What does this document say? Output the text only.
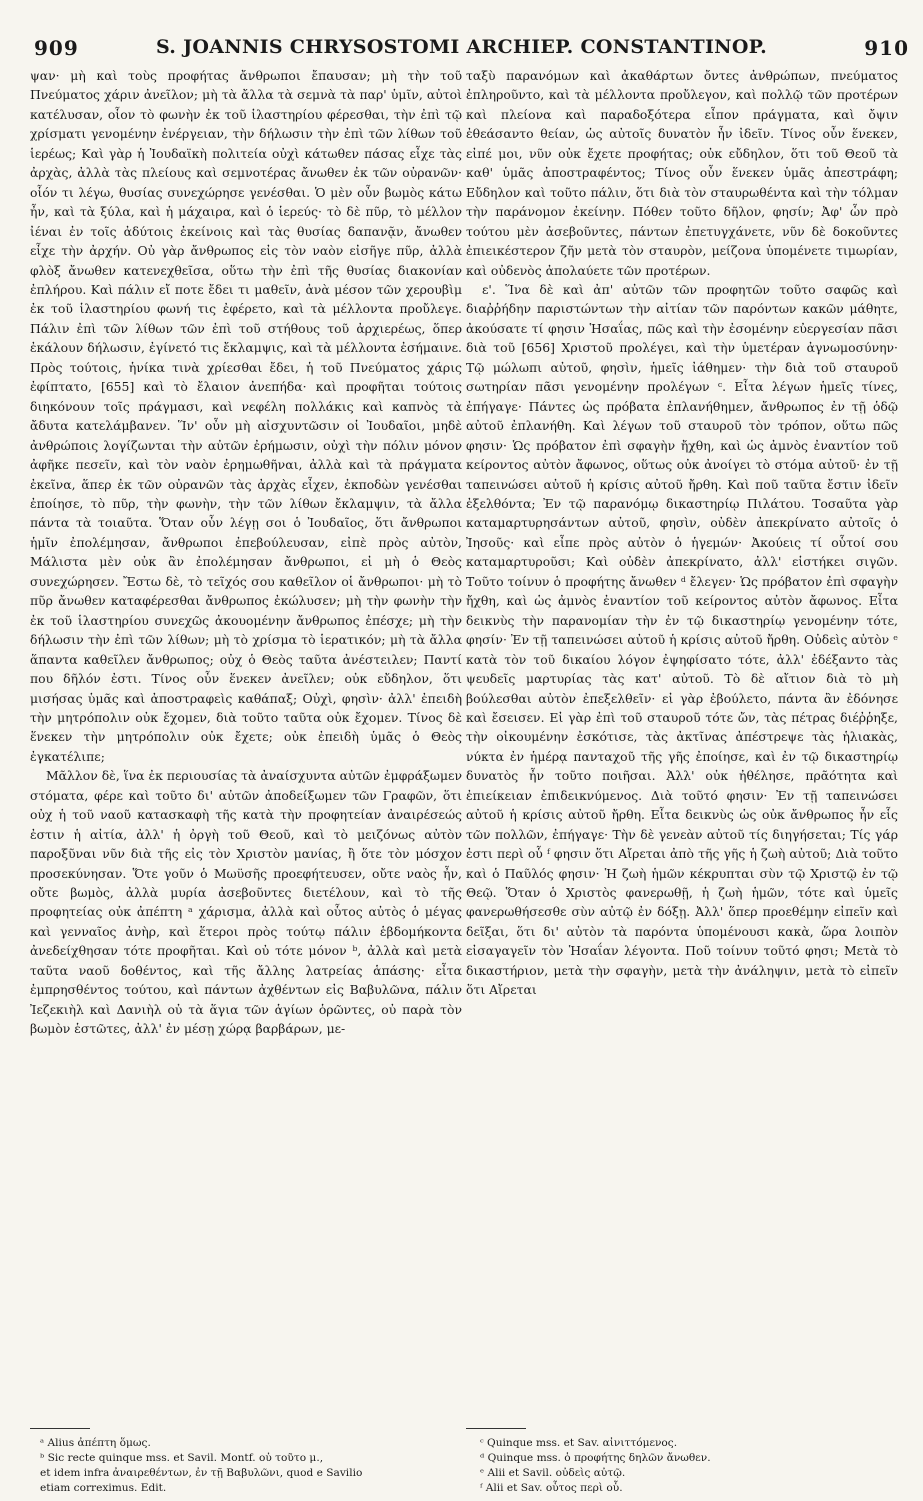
909	S. JOANNIS CHRYSOSTOMI ARCHIEP. CONSTANTINOP.	910

ψαν· μὴ καὶ τοὺς προφήτας ἄνθρωποι ἔπαυσαν; μὴ τὴν τοῦ Πνεύματος χάριν ἀνεῖλον; μὴ τὰ ἄλλα τὰ σεμνὰ τὰ παρ' ὑμῖν, αὐτοὶ κατέλυσαν, οἷον τὸ φωνὴν ἐκ τοῦ ἱλαστηρίου φέρεσθαι, τὴν ἐπὶ τῷ χρίσματι γενομένην ἐνέργειαν, τὴν δήλωσιν τὴν ἐπὶ τῶν λίθων τοῦ ἱερέως; Καὶ γὰρ ἡ Ἰουδαϊκὴ πολιτεία οὐχὶ κάτωθεν πάσας εἶχε τὰς ἀρχὰς, ἀλλὰ τὰς πλείους καὶ σεμνοτέρας ἄνωθεν ἐκ τῶν οὐρανῶν· οἷόν τι λέγω, θυσίας συνεχώρησε γενέσθαι. Ὁ μὲν οὖν βωμὸς κάτω ἦν, καὶ τὰ ξύλα, καὶ ἡ μάχαιρα, καὶ ὁ ἱερεύς· τὸ δὲ πῦρ, τὸ μέλλον ἰέναι ἐν τοῖς ἀδύτοις ἐκείνοις καὶ τὰς θυσίας δαπανᾷν, ἄνωθεν εἶχε τὴν ἀρχήν. Οὐ γὰρ ἄνθρωπος εἰς τὸν ναὸν εἰσῆγε πῦρ, ἀλλὰ φλὸξ ἄνωθεν κατενεχθεῖσα, οὕτω τὴν ἐπὶ τῆς θυσίας διακονίαν ἐπλήρου. Καὶ πάλιν εἴ ποτε ἔδει τι μαθεῖν, ἀνὰ μέσον τῶν χερουβὶμ ἐκ τοῦ ἱλαστηρίου φωνή τις ἐφέρετο, καὶ τὰ μέλλοντα προὔλεγε. Πάλιν ἐπὶ τῶν λίθων τῶν ἐπὶ τοῦ στήθους τοῦ ἀρχιερέως, ὅπερ ἐκάλουν δήλωσιν, ἐγίνετό τις ἔκλαμψις, καὶ τὰ μέλλοντα ἐσήμαινε. Πρὸς τούτοις, ἡνίκα τινὰ χρίεσθαι ἔδει, ἡ τοῦ Πνεύματος χάρις ἐφίπτατο, [655] καὶ τὸ ἔλαιον ἀνεπήδα· καὶ προφῆται τούτοις διηκόνουν τοῖς πράγμασι, καὶ νεφέλη πολλάκις καὶ καπνὸς τὰ ἄδυτα κατελάμβανεν. Ἵν' οὖν μὴ αἰσχυντῶσιν οἱ Ἰουδαῖοι, μηδὲ ἀνθρώποις λογίζωνται τὴν αὐτῶν ἐρήμωσιν, οὐχὶ τὴν πόλιν μόνον ἀφῆκε πεσεῖν, καὶ τὸν ναὸν ἐρημωθῆναι, ἀλλὰ καὶ τὰ πράγματα ἐκεῖνα, ἅπερ ἐκ τῶν οὐρανῶν τὰς ἀρχὰς εἶχεν, ἐκποδὼν γενέσθαι ἐποίησε, τὸ πῦρ, τὴν φωνὴν, τὴν τῶν λίθων ἔκλαμψιν, τὰ ἄλλα πάντα τὰ τοιαῦτα. Ὅταν οὖν λέγῃ σοι ὁ Ἰουδαῖος, ὅτι ἄνθρωποι ἡμῖν ἐπολέμησαν, ἄνθρωποι ἐπεβούλευσαν, εἰπὲ πρὸς αὐτὸν, Μάλιστα μὲν οὐκ ἂν ἐπολέμησαν ἄνθρωποι, εἰ μὴ ὁ Θεὸς συνεχώρησεν. Ἔστω δὲ, τὸ τεῖχός σου καθεῖλον οἱ ἄνθρωποι· μὴ τὸ πῦρ ἄνωθεν καταφέρεσθαι ἄνθρωπος ἐκώλυσεν; μὴ τὴν φωνὴν τὴν ἐκ τοῦ ἱλαστηρίου συνεχῶς ἀκουομένην ἄνθρωπος ἐπέσχε; μὴ τὴν δήλωσιν τὴν ἐπὶ τῶν λίθων; μὴ τὸ χρίσμα τὸ ἱερατικόν; μὴ τὰ ἄλλα ἅπαντα καθεῖλεν ἄνθρωπος; οὐχ ὁ Θεὸς ταῦτα ἀνέστειλεν; Παντί που δῆλόν ἐστι. Τίνος οὖν ἕνεκεν ἀνεῖλεν; οὐκ εὔδηλον, ὅτι μισήσας ὑμᾶς καὶ ἀποστραφεὶς καθάπαξ; Οὐχὶ, φησὶν· ἀλλ' ἐπειδὴ τὴν μητρόπολιν οὐκ ἔχομεν, διὰ τοῦτο ταῦτα οὐκ ἔχομεν. Τίνος δὲ ἕνεκεν τὴν μητρόπολιν οὐκ ἔχετε; οὐκ ἐπειδὴ ὑμᾶς ὁ Θεὸς ἐγκατέλιπε;

Μᾶλλον δὲ, ἵνα ἐκ περιουσίας τὰ ἀναίσχυντα αὐτῶν ἐμφράξωμεν στόματα, φέρε καὶ τοῦτο δι' αὐτῶν ἀποδείξωμεν τῶν Γραφῶν, ὅτι οὐχ ἡ τοῦ ναοῦ κατασκαφὴ τῆς κατὰ τὴν προφητείαν ἀναιρέσεώς ἐστιν ἡ αἰτία, ἀλλ' ἡ ὀργὴ τοῦ Θεοῦ, καὶ τὸ μειζόνως αὐτὸν παροξῦναι νῦν διὰ τῆς εἰς τὸν Χριστὸν μανίας, ἢ ὅτε τὸν μόσχον προσεκύνησαν. Ὅτε γοῦν ὁ Μωϋσῆς προεφήτευσεν, οὔτε ναὸς ἦν, οὔτε βωμὸς, ἀλλὰ μυρία ἀσεβοῦντες διετέλουν, καὶ τὸ τῆς προφητείας οὐκ ἀπέπτη ᵃ χάρισμα, ἀλλὰ καὶ οὗτος αὐτὸς ὁ μέγας καὶ γενναῖος ἀνὴρ, καὶ ἕτεροι πρὸς τούτῳ πάλιν ἑβδομήκοντα ἀνεδείχθησαν τότε προφῆται. Καὶ οὐ τότε μόνον ᵇ, ἀλλὰ καὶ μετὰ ταῦτα ναοῦ δοθέντος, καὶ τῆς ἄλλης λατρείας ἁπάσης· εἶτα ἐμπρησθέντος τούτου, καὶ πάντων ἀχθέντων εἰς Βαβυλῶνα, πάλιν Ἰεζεκιὴλ καὶ Δανιὴλ οὐ τὰ ἅγια τῶν ἁγίων ὁρῶντες, οὐ παρὰ τὸν βωμὸν ἑστῶτες, ἀλλ' ἐν μέσῃ χώρᾳ βαρβάρων, με-

ταξὺ παρανόμων καὶ ἀκαθάρτων ὄντες ἀνθρώπων, πνεύματος ἐπληροῦντο, καὶ τὰ μέλλοντα προὔλεγον, καὶ πολλῷ τῶν προτέρων καὶ πλείονα καὶ παραδοξότερα εἶπον πράγματα, καὶ ὄψιν ἐθεάσαντο θείαν, ὡς αὐτοῖς δυνατὸν ἦν ἰδεῖν. Τίνος οὖν ἕνεκεν, εἰπέ μοι, νῦν οὐκ ἔχετε προφήτας; οὐκ εὔδηλον, ὅτι τοῦ Θεοῦ τὰ καθ' ὑμᾶς ἀποστραφέντος; Τίνος οὖν ἕνεκεν ὑμᾶς ἀπεστράφη; Εὔδηλον καὶ τοῦτο πάλιν, ὅτι διὰ τὸν σταυρωθέντα καὶ τὴν τόλμαν τὴν παράνομον ἐκείνην. Πόθεν τοῦτο δῆλον, φησίν; Ἀφ' ὧν πρὸ τούτου μὲν ἀσεβοῦντες, πάντων ἐπετυγχάνετε, νῦν δὲ δοκοῦντες ἐπιεικέστερον ζῆν μετὰ τὸν σταυρὸν, μείζονα ὑπομένετε τιμωρίαν, καὶ οὐδενὸς ἀπολαύετε τῶν προτέρων.

ε'. Ἵνα δὲ καὶ ἀπ' αὐτῶν τῶν προφητῶν τοῦτο σαφῶς καὶ διαῤῥήδην παριστώντων τὴν αἰτίαν τῶν παρόντων κακῶν μάθητε, ἀκούσατε τί φησιν Ἡσαΐας, πῶς καὶ τὴν ἐσομένην εὐεργεσίαν πᾶσι διὰ τοῦ [656] Χριστοῦ προλέγει, καὶ τὴν ὑμετέραν ἀγνωμοσύνην· Τῷ μώλωπι αὐτοῦ, φησὶν, ἡμεῖς ἰάθημεν· τὴν διὰ τοῦ σταυροῦ σωτηρίαν πᾶσι γενομένην προλέγων ᶜ. Εἶτα λέγων ἡμεῖς τίνες, ἐπήγαγε· Πάντες ὡς πρόβατα ἐπλανήθημεν, ἄνθρωπος ἐν τῇ ὁδῷ αὐτοῦ ἐπλανήθη. Καὶ λέγων τοῦ σταυροῦ τὸν τρόπον, οὕτω πῶς φησιν· Ὡς πρόβατον ἐπὶ σφαγὴν ἤχθη, καὶ ὡς ἀμνὸς ἐναντίον τοῦ κείροντος αὐτὸν ἄφωνος, οὕτως οὐκ ἀνοίγει τὸ στόμα αὐτοῦ· ἐν τῇ ταπεινώσει αὐτοῦ ἡ κρίσις αὐτοῦ ἤρθη. Καὶ ποῦ ταῦτα ἔστιν ἰδεῖν ἐξελθόντα; Ἐν τῷ παρανόμῳ δικαστηρίῳ Πιλάτου. Τοσαῦτα γὰρ καταμαρτυρησάντων αὐτοῦ, φησὶν, οὐδὲν ἀπεκρίνατο αὐτοῖς ὁ Ἰησοῦς· καὶ εἶπε πρὸς αὐτὸν ὁ ἡγεμών· Ἀκούεις τί οὗτοί σου καταμαρτυροῦσι; Καὶ οὐδὲν ἀπεκρίνατο, ἀλλ' εἱστήκει σιγῶν. Τοῦτο τοίνυν ὁ προφήτης ἄνωθεν ᵈ ἔλεγεν· Ὡς πρόβατον ἐπὶ σφαγὴν ἤχθη, καὶ ὡς ἀμνὸς ἐναντίον τοῦ κείροντος αὐτὸν ἄφωνος. Εἶτα δεικνὺς τὴν παρανομίαν τὴν ἐν τῷ δικαστηρίῳ γενομένην τότε, φησίν· Ἐν τῇ ταπεινώσει αὐτοῦ ἡ κρίσις αὐτοῦ ἤρθη. Οὐδεὶς αὐτὸν ᵉ κατὰ τὸν τοῦ δικαίου λόγον ἐψηφίσατο τότε, ἀλλ' ἐδέξαντο τὰς ψευδεῖς μαρτυρίας τὰς κατ' αὐτοῦ. Τὸ δὲ αἴτιον διὰ τὸ μὴ βούλεσθαι αὐτὸν ἐπεξελθεῖν· εἰ γὰρ ἐβούλετο, πάντα ἂν ἐδόνησε καὶ ἔσεισεν. Εἰ γὰρ ἐπὶ τοῦ σταυροῦ τότε ὤν, τὰς πέτρας διέῤῥηξε, τὴν οἰκουμένην ἐσκότισε, τὰς ἀκτῖνας ἀπέστρεψε τὰς ἡλιακὰς, νύκτα ἐν ἡμέρᾳ πανταχοῦ τῆς γῆς ἐποίησε, καὶ ἐν τῷ δικαστηρίῳ δυνατὸς ἦν τοῦτο ποιῆσαι. Ἀλλ' οὐκ ἠθέλησε, πρᾶότητα καὶ ἐπιείκειαν ἐπιδεικνύμενος. Διὰ τοῦτό φησιν· Ἐν τῇ ταπεινώσει αὐτοῦ ἡ κρίσις αὐτοῦ ἤρθη. Εἶτα δεικνὺς ὡς οὐκ ἄνθρωπος ἦν εἷς τῶν πολλῶν, ἐπήγαγε· Τὴν δὲ γενεὰν αὐτοῦ τίς διηγήσεται; Τίς γάρ ἐστι περὶ οὗ ᶠ φησιν ὅτι Αἴρεται ἀπὸ τῆς γῆς ἡ ζωὴ αὐτοῦ; Διὰ τοῦτο καὶ ὁ Παῦλός φησιν· Ἡ ζωὴ ἡμῶν κέκρυπται σὺν τῷ Χριστῷ ἐν τῷ Θεῷ. Ὅταν ὁ Χριστὸς φανερωθῇ, ἡ ζωὴ ἡμῶν, τότε καὶ ὑμεῖς φανερωθήσεσθε σὺν αὐτῷ ἐν δόξῃ. Ἀλλ' ὅπερ προεθέμην εἰπεῖν καὶ δεῖξαι, ὅτι δι' αὐτὸν τὰ παρόντα ὑπομένουσι κακὰ, ὥρα λοιπὸν εἰσαγαγεῖν τὸν Ἡσαΐαν λέγοντα. Ποῦ τοίνυν τοῦτό φησι; Μετὰ τὸ δικαστήριον, μετὰ τὴν σφαγὴν, μετὰ τὴν ἀνάληψιν, μετὰ τὸ εἰπεῖν ὅτι Αἴρεται

ᵃ Alius ἀπέπτη ὅμως.
ᵇ Sic recte quinque mss. et Savil. Montf. οὐ τοῦτο μ.,
et idem infra ἀναιρεθέντων, ἐν τῇ Βαβυλῶνι, quod e Savilio
etiam correximus. Edit.
ᶜ Quinque mss. et Sav. αἰνιττόμενος.
ᵈ Quinque mss. ὁ προφήτης δηλῶν ἄνωθεν.
ᵉ Alii et Savil. οὐδεὶς αὐτῷ.
ᶠ Alii et Sav. οὗτος περὶ οὗ.
